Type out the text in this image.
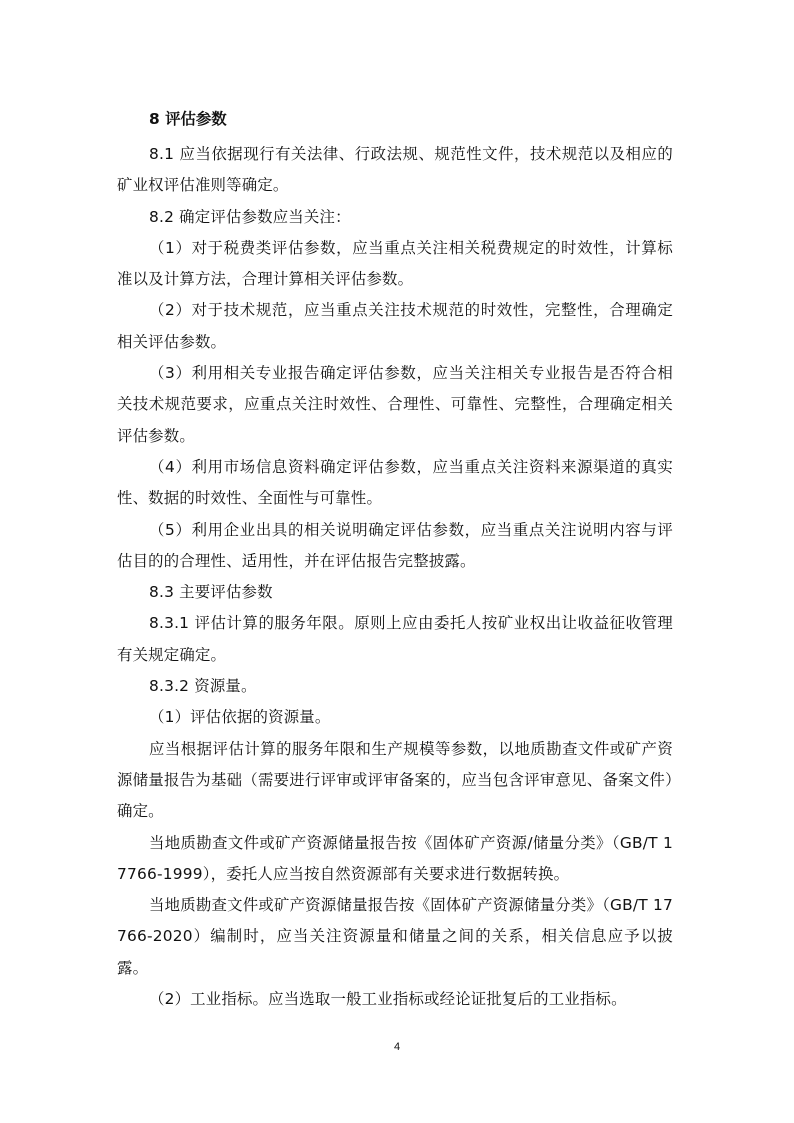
8 评估参数

8.1 应当依据现行有关法律、行政法规、规范性文件，技术规范以及相应的矿业权评估准则等确定。

8.2 确定评估参数应当关注：

（1）对于税费类评估参数，应当重点关注相关税费规定的时效性，计算标准以及计算方法，合理计算相关评估参数。

（2）对于技术规范，应当重点关注技术规范的时效性，完整性，合理确定相关评估参数。

（3）利用相关专业报告确定评估参数，应当关注相关专业报告是否符合相关技术规范要求，应重点关注时效性、合理性、可靠性、完整性，合理确定相关评估参数。

（4）利用市场信息资料确定评估参数，应当重点关注资料来源渠道的真实性、数据的时效性、全面性与可靠性。

（5）利用企业出具的相关说明确定评估参数，应当重点关注说明内容与评估目的的合理性、适用性，并在评估报告完整披露。

8.3 主要评估参数

8.3.1 评估计算的服务年限。原则上应由委托人按矿业权出让收益征收管理有关规定确定。

8.3.2 资源量。

（1）评估依据的资源量。

应当根据评估计算的服务年限和生产规模等参数，以地质勘查文件或矿产资源储量报告为基础（需要进行评审或评审备案的，应当包含评审意见、备案文件）确定。

当地质勘查文件或矿产资源储量报告按《固体矿产资源/储量分类》（GB/T 17766-1999），委托人应当按自然资源部有关要求进行数据转换。

当地质勘查文件或矿产资源储量报告按《固体矿产资源储量分类》（GB/T 17766-2020）编制时，应当关注资源量和储量之间的关系，相关信息应予以披露。

（2）工业指标。应当选取一般工业指标或经论证批复后的工业指标。

4
